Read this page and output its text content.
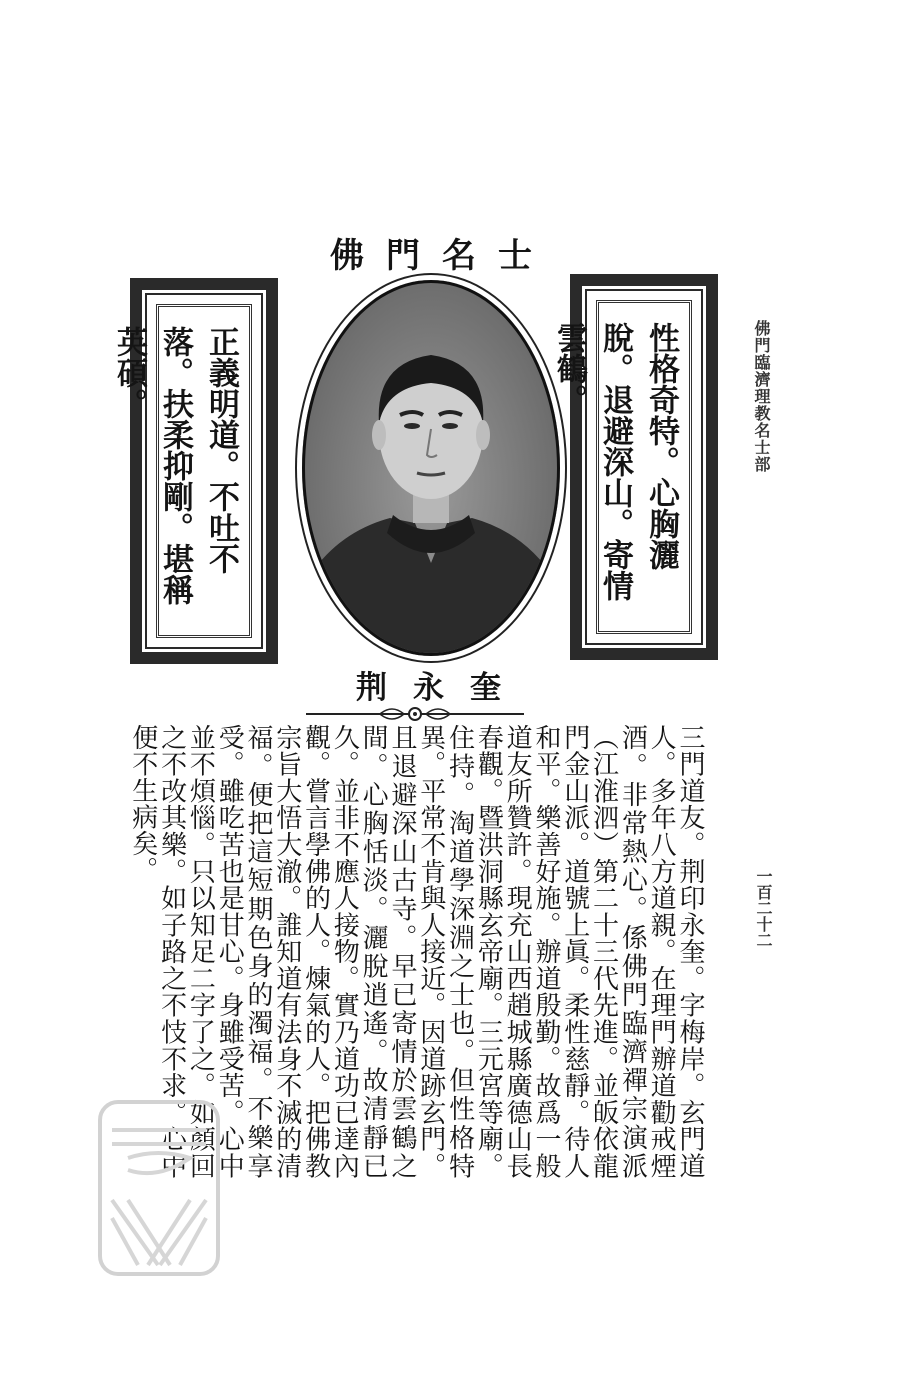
佛門名士

性格奇特。心胸灑脫。退避深山。寄情雲鶴。

正義明道。不吐不落。扶柔抑剛。堪稱英碩。

荆永奎

三門道友。荆印永奎。字梅岸。玄門道人。多年八方道親。在理門辦道勸戒煙酒。非常熱心。係佛門臨濟禪宗演派（江淮泗）第二十三代先進。並皈依龍門金山派。道號上眞。柔性慈靜。待人和平。樂善好施。辦道殷勤。故爲一般道友所贊許。現充山西趙城縣廣德山長春觀。暨洪洞縣玄帝廟。三元宮等廟。住持。淘道學深淵之士也。但性格特異。平常不肯與人接近。因道跡玄門。且退避深山古寺。早已寄情於雲鶴之間。心胸恬淡。灑脫逍遙。故清靜已久。並非不應人接物。實乃道功已達內觀。嘗言學佛的人。煉氣的人。把佛教宗旨大悟大澈。誰知道有法身不滅的清福。便把這短期色身的濁福。不樂享受。雖吃苦也是甘心。身雖受苦。心中並不煩惱。只以知足二字了之。如顏回之不改其樂。如子路之不忮不求。心中便不生病矣。

佛門臨濟理教名士部
一百二十二
